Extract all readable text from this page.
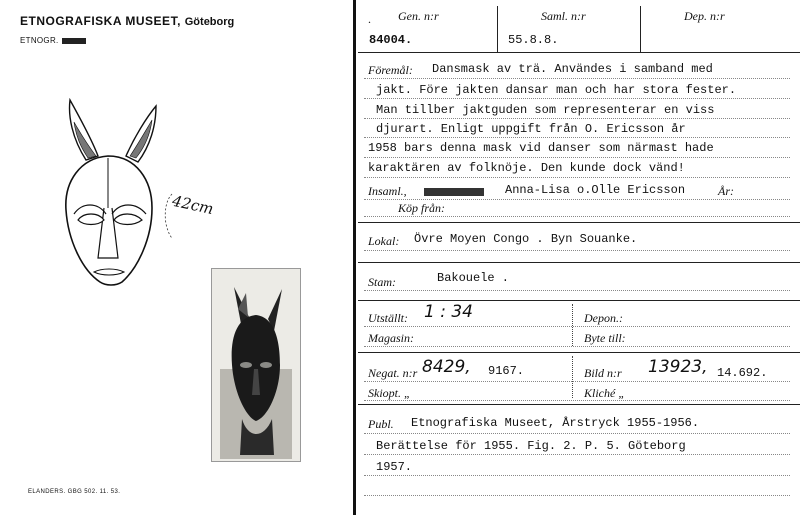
ETNOGRAFISKA MUSEET, Göteborg
ETNOGR.
42cm
ELANDERS. GBG 502. 11. 53.
Gen. n:r	Saml. n:r	Dep. n:r
.
84004.	55.8.8.
Föremål: Dansmask av trä. Användes i samband med
jakt. Före jakten dansar man och har stora fester.
Man tillber jaktguden som representerar en viss
djurart. Enligt uppgift från O. Ericsson år
1958 bars denna mask vid danser som närmast hade
karaktären av folknöje. Den kunde dock vänd!
Insaml.,	Anna-Lisa o.Olle Ericsson	År:
Köp från:
Lokal: Övre Moyen Congo . Byn Souanke.
Stam:	Bakouele .
Utställt: 1 : 34	Depon.:
Magasin:	Byte till:
Negat. n:r 8429, 9167.	Bild n:r 13923, 14.692.
Skiopt. „	Kliché „
Publ. Etnografiska Museet, Årstryck 1955-1956.
Berättelse för 1955. Fig. 2. P. 5. Göteborg
1957.
